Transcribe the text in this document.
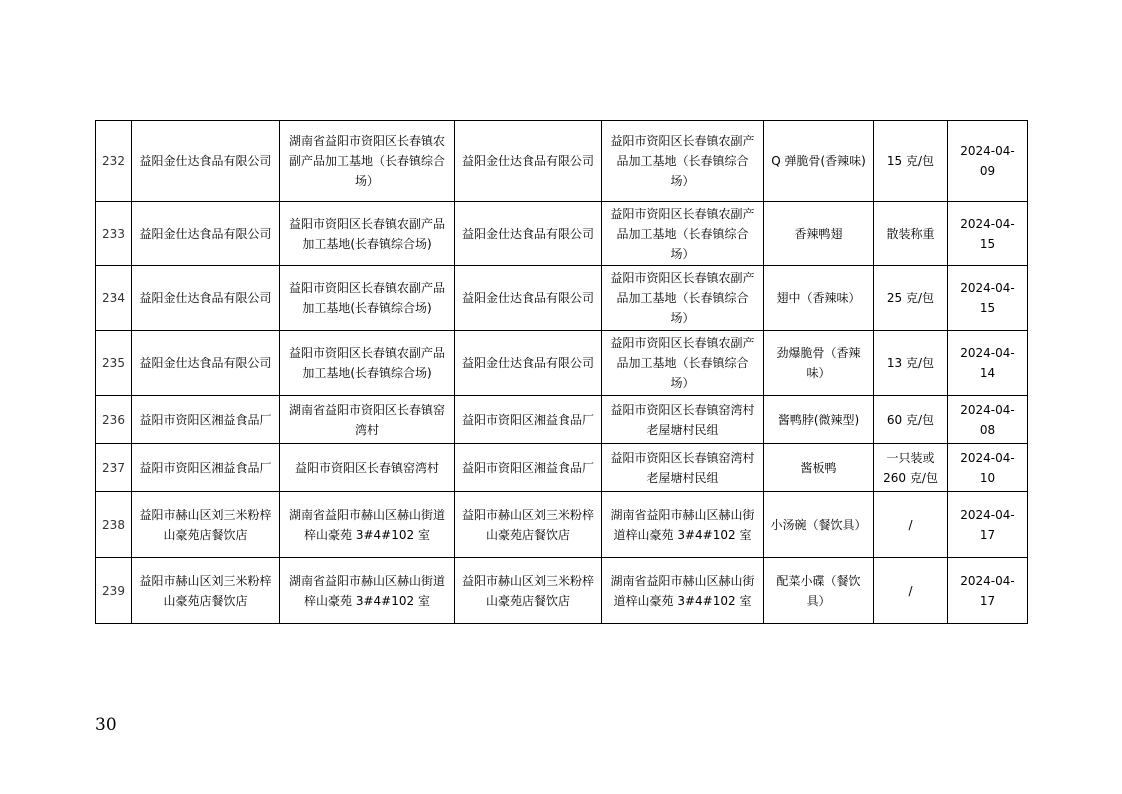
232	益阳金仕达食品有限公司	湖南省益阳市资阳区长春镇农副产品加工基地（长春镇综合场）	益阳金仕达食品有限公司	益阳市资阳区长春镇农副产品加工基地（长春镇综合场）	Q 弹脆骨(香辣味)	15 克/包	2024-04-09
233	益阳金仕达食品有限公司	益阳市资阳区长春镇农副产品加工基地(长春镇综合场)	益阳金仕达食品有限公司	益阳市资阳区长春镇农副产品加工基地（长春镇综合场）	香辣鸭翅	散装称重	2024-04-15
234	益阳金仕达食品有限公司	益阳市资阳区长春镇农副产品加工基地(长春镇综合场)	益阳金仕达食品有限公司	益阳市资阳区长春镇农副产品加工基地（长春镇综合场）	翅中（香辣味）	25 克/包	2024-04-15
235	益阳金仕达食品有限公司	益阳市资阳区长春镇农副产品加工基地(长春镇综合场)	益阳金仕达食品有限公司	益阳市资阳区长春镇农副产品加工基地（长春镇综合场）	劲爆脆骨（香辣味）	13 克/包	2024-04-14
236	益阳市资阳区湘益食品厂	湖南省益阳市资阳区长春镇窑湾村	益阳市资阳区湘益食品厂	益阳市资阳区长春镇窑湾村老屋塘村民组	酱鸭脖(微辣型)	60 克/包	2024-04-08
237	益阳市资阳区湘益食品厂	益阳市资阳区长春镇窑湾村	益阳市资阳区湘益食品厂	益阳市资阳区长春镇窑湾村老屋塘村民组	酱板鸭	一只装或260 克/包	2024-04-10
238	益阳市赫山区刘三米粉梓山豪苑店餐饮店	湖南省益阳市赫山区赫山街道梓山豪苑 3#4#102 室	益阳市赫山区刘三米粉梓山豪苑店餐饮店	湖南省益阳市赫山区赫山街道梓山豪苑 3#4#102 室	小汤碗（餐饮具）	/	2024-04-17
239	益阳市赫山区刘三米粉梓山豪苑店餐饮店	湖南省益阳市赫山区赫山街道梓山豪苑 3#4#102 室	益阳市赫山区刘三米粉梓山豪苑店餐饮店	湖南省益阳市赫山区赫山街道梓山豪苑 3#4#102 室	配菜小碟（餐饮具）	/	2024-04-17
30
